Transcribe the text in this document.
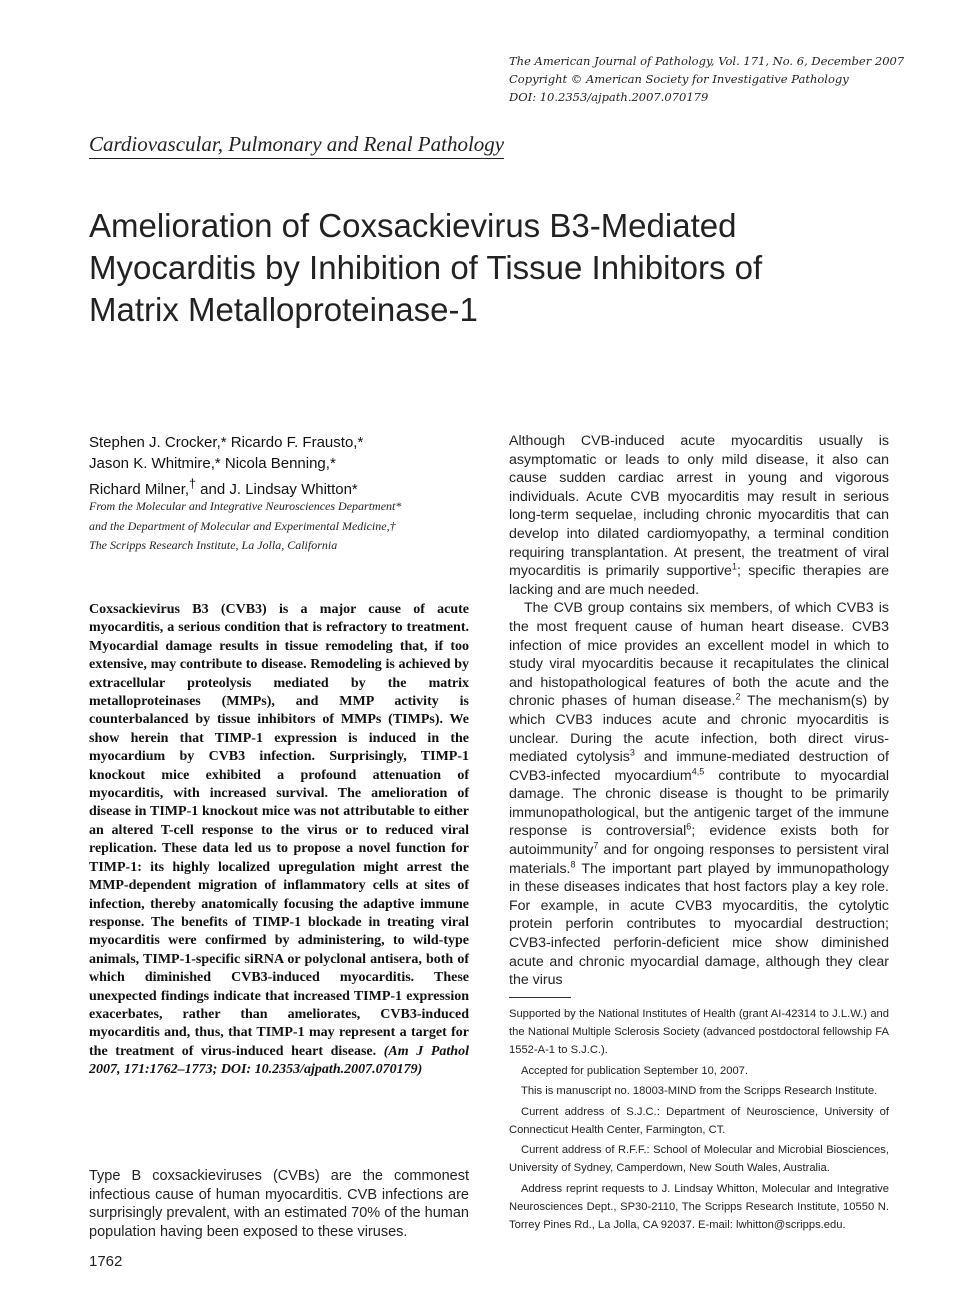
The American Journal of Pathology, Vol. 171, No. 6, December 2007
Copyright © American Society for Investigative Pathology
DOI: 10.2353/ajpath.2007.070179
Cardiovascular, Pulmonary and Renal Pathology
Amelioration of Coxsackievirus B3-Mediated
Myocarditis by Inhibition of Tissue Inhibitors of
Matrix Metalloproteinase-1
Stephen J. Crocker,* Ricardo F. Frausto,*
Jason K. Whitmire,* Nicola Benning,*
Richard Milner,† and J. Lindsay Whitton*
From the Molecular and Integrative Neurosciences Department*
and the Department of Molecular and Experimental Medicine,†
The Scripps Research Institute, La Jolla, California

Coxsackievirus B3 (CVB3) is a major cause of acute myocarditis, a serious condition that is refractory to treatment. Myocardial damage results in tissue remodeling that, if too extensive, may contribute to disease. Remodeling is achieved by extracellular proteolysis mediated by the matrix metalloproteinases (MMPs), and MMP activity is counterbalanced by tissue inhibitors of MMPs (TIMPs). We show herein that TIMP-1 expression is induced in the myocardium by CVB3 infection. Surprisingly, TIMP-1 knockout mice exhibited a profound attenuation of myocarditis, with increased survival. The amelioration of disease in TIMP-1 knockout mice was not attributable to either an altered T-cell response to the virus or to reduced viral replication. These data led us to propose a novel function for TIMP-1: its highly localized upregulation might arrest the MMP-dependent migration of inflammatory cells at sites of infection, thereby anatomically focusing the adaptive immune response. The benefits of TIMP-1 blockade in treating viral myocarditis were confirmed by administering, to wild-type animals, TIMP-1-specific siRNA or polyclonal antisera, both of which diminished CVB3-induced myocarditis. These unexpected findings indicate that increased TIMP-1 expression exacerbates, rather than ameliorates, CVB3-induced myocarditis and, thus, that TIMP-1 may represent a target for the treatment of virus-induced heart disease. (Am J Pathol 2007, 171:1762–1773; DOI: 10.2353/ajpath.2007.070179)

Type B coxsackieviruses (CVBs) are the commonest infectious cause of human myocarditis. CVB infections are surprisingly prevalent, with an estimated 70% of the human population having been exposed to these viruses.

Although CVB-induced acute myocarditis usually is asymptomatic or leads to only mild disease, it also can cause sudden cardiac arrest in young and vigorous individuals. Acute CVB myocarditis may result in serious long-term sequelae, including chronic myocarditis that can develop into dilated cardiomyopathy, a terminal condition requiring transplantation. At present, the treatment of viral myocarditis is primarily supportive$^1$; specific therapies are lacking and are much needed.

The CVB group contains six members, of which CVB3 is the most frequent cause of human heart disease. CVB3 infection of mice provides an excellent model in which to study viral myocarditis because it recapitulates the clinical and histopathological features of both the acute and the chronic phases of human disease.$^2$ The mechanism(s) by which CVB3 induces acute and chronic myocarditis is unclear. During the acute infection, both direct virus-mediated cytolysis$^3$ and immune-mediated destruction of CVB3-infected myocardium$^{4,5}$ contribute to myocardial damage. The chronic disease is thought to be primarily immunopathological, but the antigenic target of the immune response is controversial$^6$; evidence exists both for autoimmunity$^7$ and for ongoing responses to persistent viral materials.$^8$ The important part played by immunopathology in these diseases indicates that host factors play a key role. For example, in acute CVB3 myocarditis, the cytolytic protein perforin contributes to myocardial destruction; CVB3-infected perforin-deficient mice show diminished acute and chronic myocardial damage, although they clear the virus

Supported by the National Institutes of Health (grant AI-42314 to J.L.W.) and the National Multiple Sclerosis Society (advanced postdoctoral fellowship FA 1552-A-1 to S.J.C.).

Accepted for publication September 10, 2007.

This is manuscript no. 18003-MIND from the Scripps Research Institute.

Current address of S.J.C.: Department of Neuroscience, University of Connecticut Health Center, Farmington, CT.

Current address of R.F.F.: School of Molecular and Microbial Biosciences, University of Sydney, Camperdown, New South Wales, Australia.

Address reprint requests to J. Lindsay Whitton, Molecular and Integrative Neurosciences Dept., SP30-2110, The Scripps Research Institute, 10550 N. Torrey Pines Rd., La Jolla, CA 92037. E-mail: lwhitton@scripps.edu.

1762
